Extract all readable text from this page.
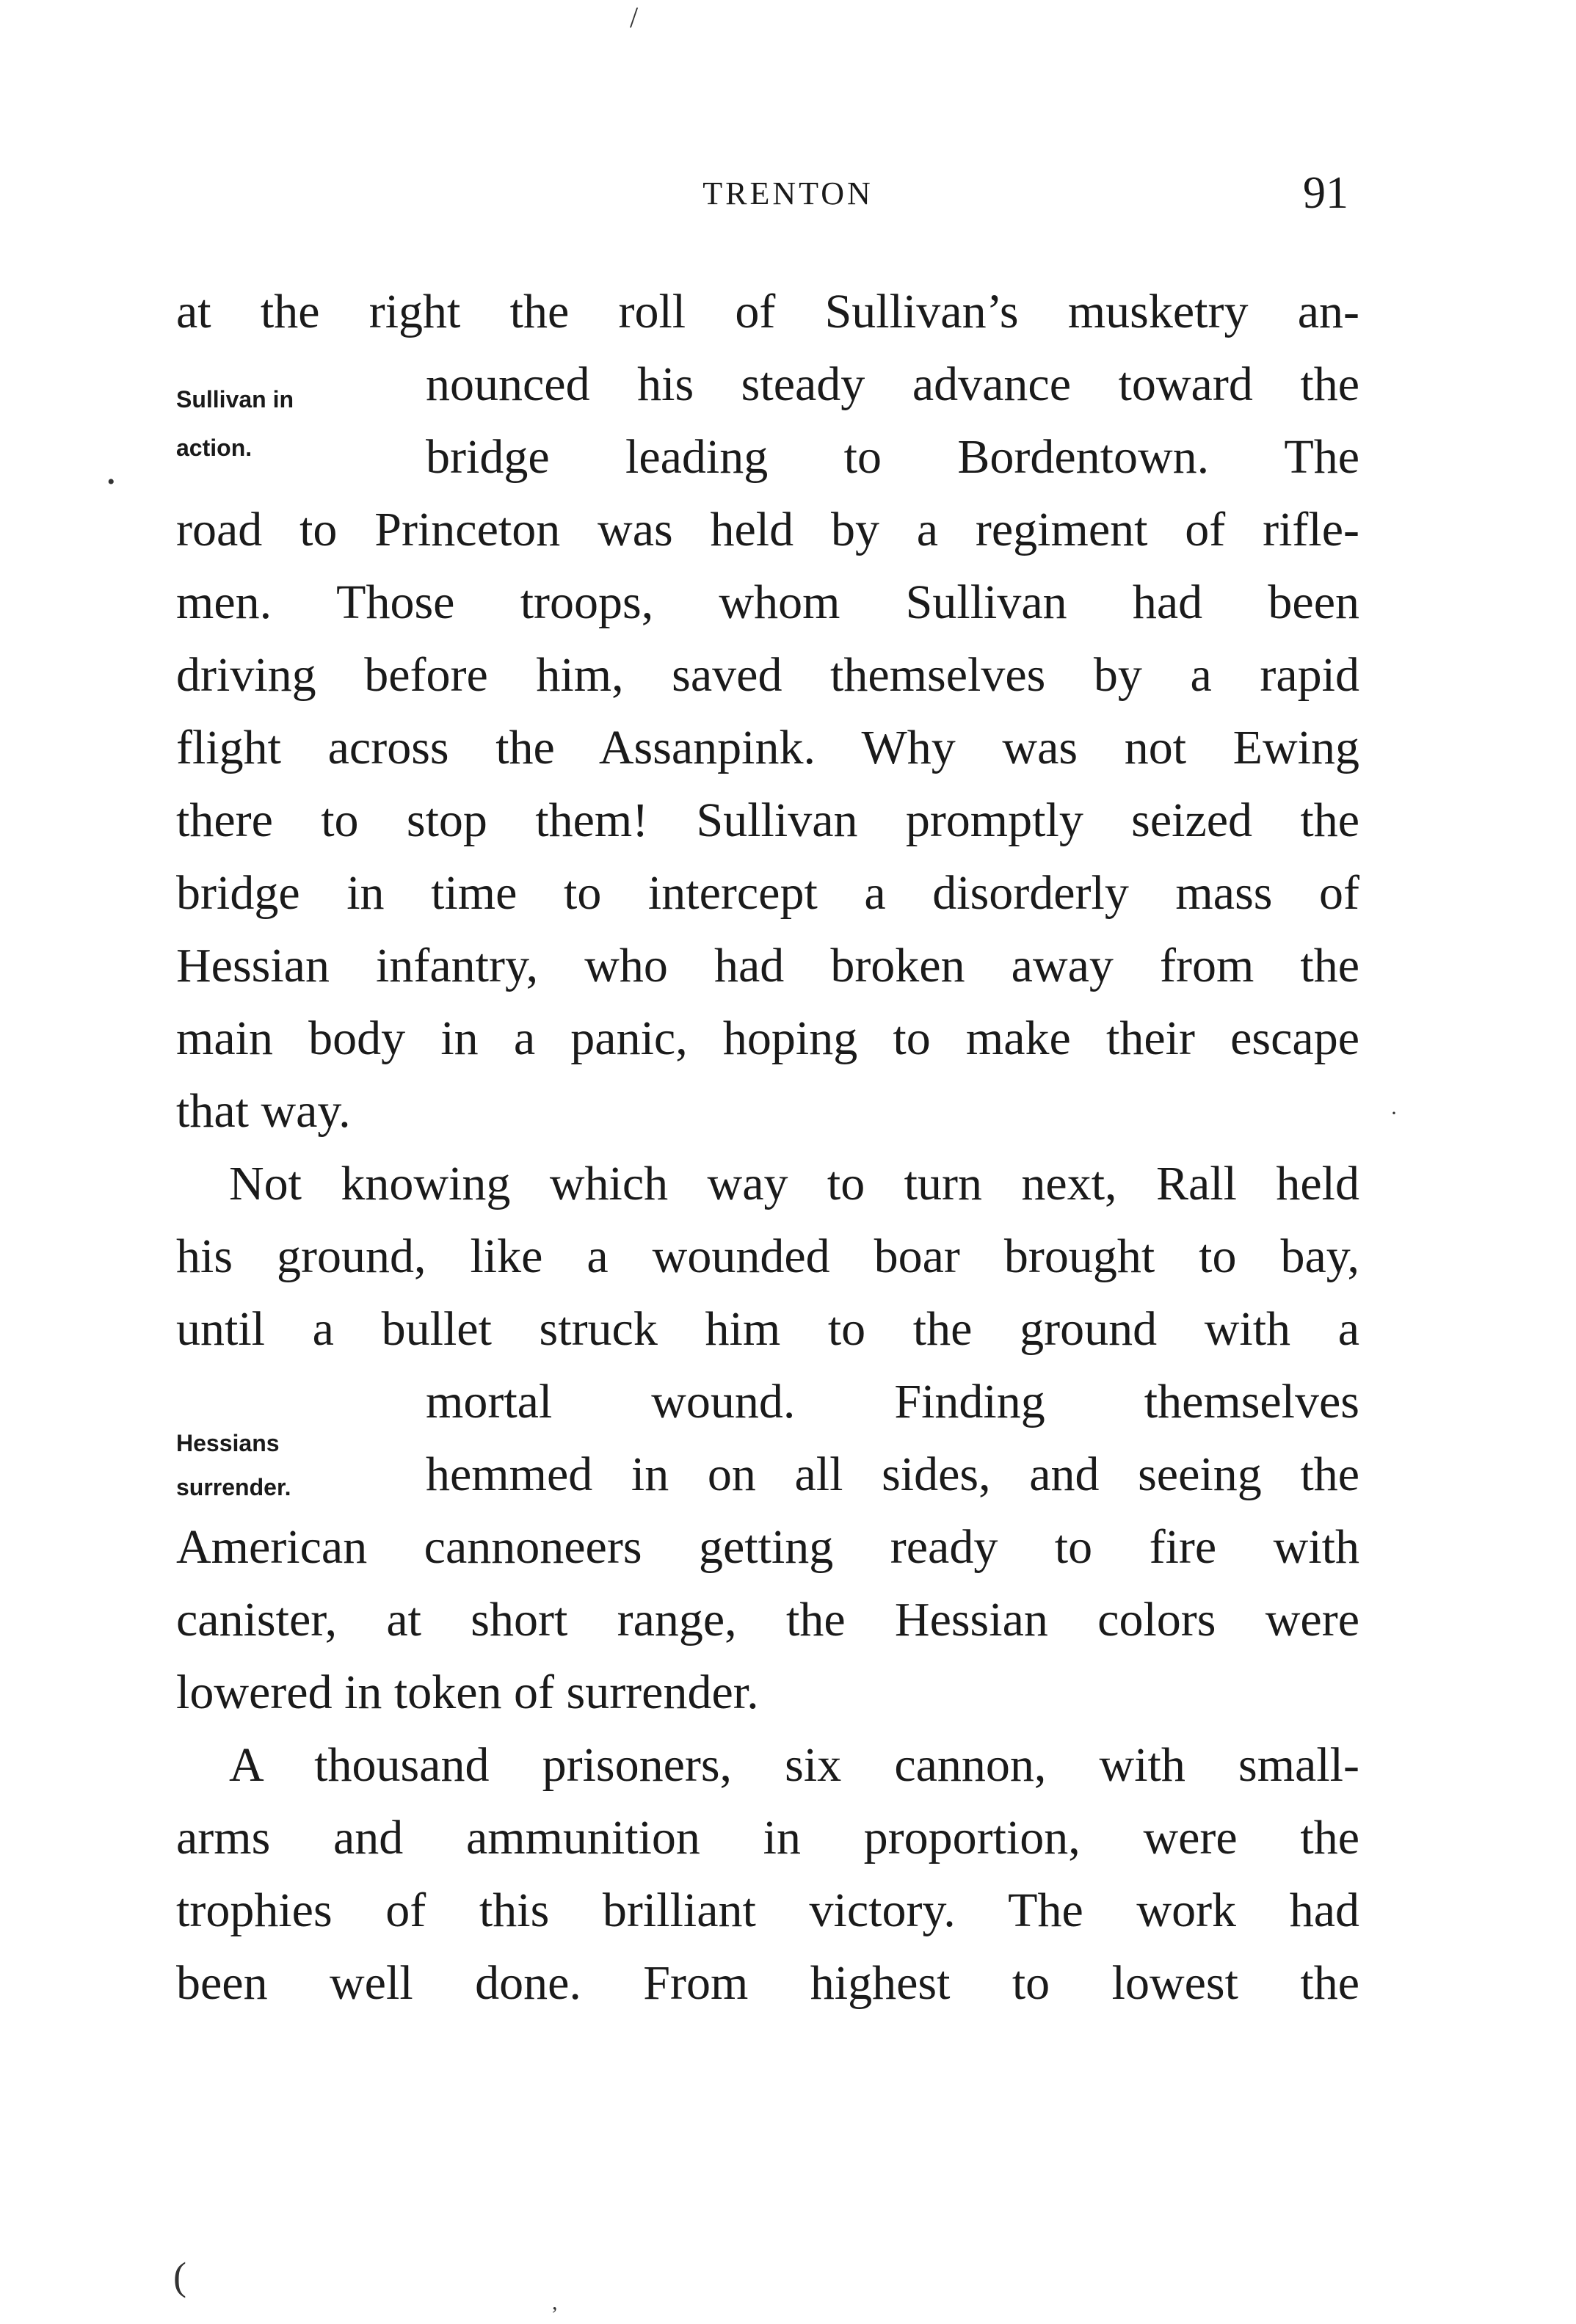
/
TRENTON	91
Sullivan in
action.
Hessians
surrender.
at the right the roll of Sullivan’s musketry an-
nounced his steady advance toward the
bridge leading to Bordentown. The
road to Princeton was held by a regiment of rifle-
men. Those troops, whom Sullivan had been
driving before him, saved themselves by a rapid
flight across the Assanpink. Why was not Ewing
there to stop them! Sullivan promptly seized the
bridge in time to intercept a disorderly mass of
Hessian infantry, who had broken away from the
main body in a panic, hoping to make their escape
that way.
Not knowing which way to turn next, Rall held
his ground, like a wounded boar brought to bay,
until a bullet struck him to the ground with a
mortal wound. Finding themselves
hemmed in on all sides, and seeing the
American cannoneers getting ready to fire with
canister, at short range, the Hessian colors were
lowered in token of surrender.
A thousand prisoners, six cannon, with small-
arms and ammunition in proportion, were the
trophies of this brilliant victory. The work had
been well done. From highest to lowest the
•
·
(
,
